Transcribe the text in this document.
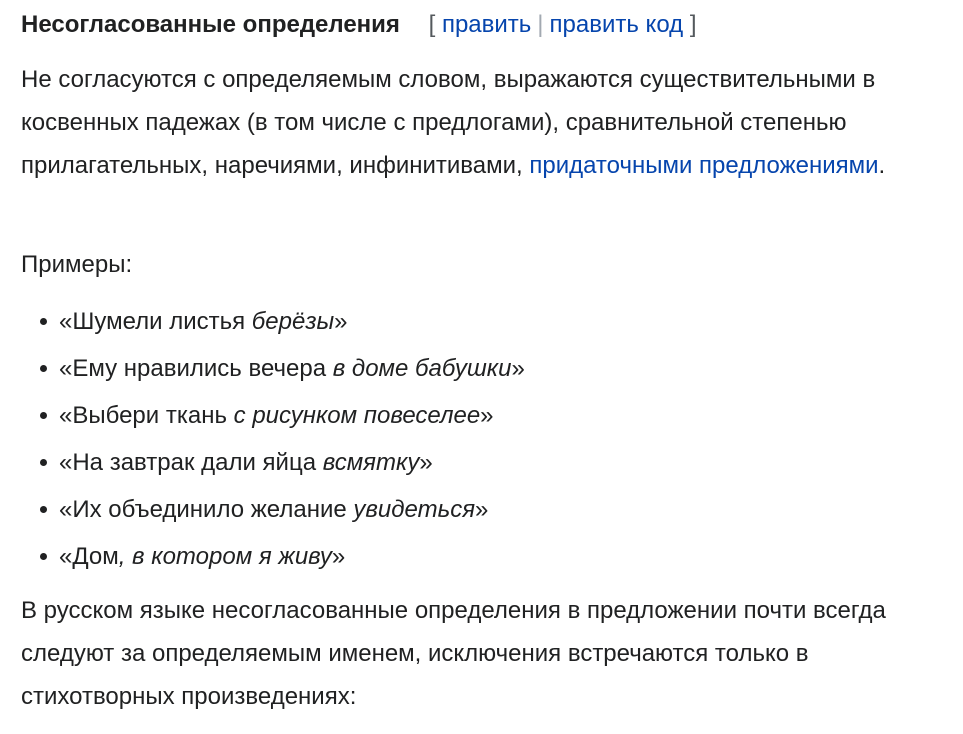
Несогласованные определения [ править | править код ]

Не согласуются с определяемым словом, выражаются существительными в косвенных падежах (в том числе с предлогами), сравнительной степенью прилагательных, наречиями, инфинитивами, придаточными предложениями.

Примеры:

«Шумели листья берёзы»
«Ему нравились вечера в доме бабушки»
«Выбери ткань с рисунком повеселее»
«На завтрак дали яйца всмятку»
«Их объединило желание увидеться»
«Дом, в котором я живу»

В русском языке несогласованные определения в предложении почти всегда следуют за определяемым именем, исключения встречаются только в стихотворных произведениях:
